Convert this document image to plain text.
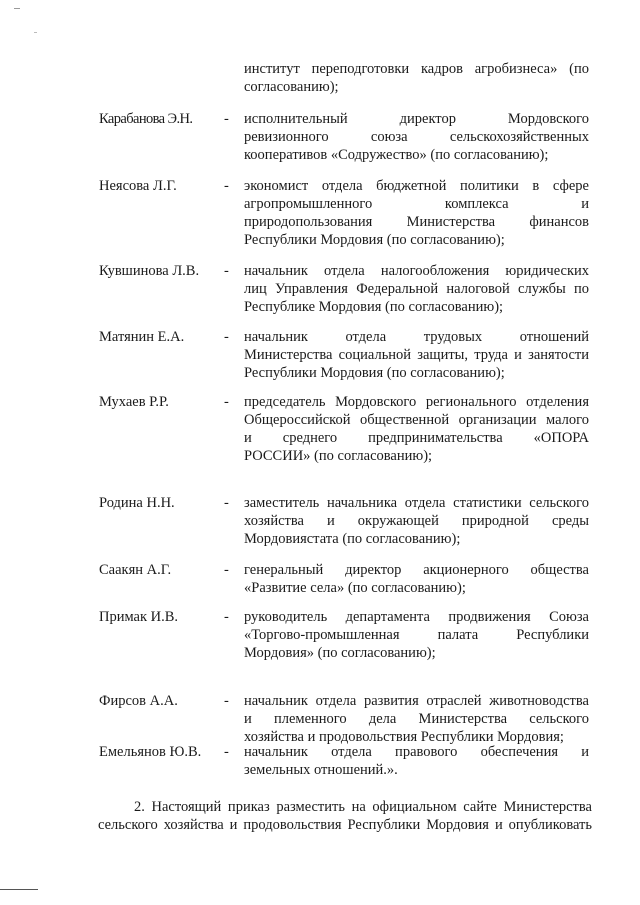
институт переподготовки кадров агробизнеса» (по
согласованию);
Карабанова Э.Н. - исполнительный директор Мордовского
ревизионного союза сельскохозяйственных
кооперативов «Содружество» (по согласованию);
Неясова Л.Г.	- экономист отдела бюджетной политики в сфере
агропромышленного комплекса и
природопользования Министерства финансов
Республики Мордовия (по согласованию);
Кувшинова Л.В. - начальник отдела налогообложения юридических
лиц Управления Федеральной налоговой службы по
Республике Мордовия (по согласованию);
Матянин Е.А.	- начальник отдела трудовых отношений
Министерства социальной защиты, труда и занятости
Республики Мордовия (по согласованию);
Мухаев Р.Р.	- председатель Мордовского регионального отделения
Общероссийской общественной организации малого
и среднего предпринимательства «ОПОРА
РОССИИ» (по согласованию);
Родина Н.Н.	- заместитель начальника отдела статистики сельского
хозяйства и окружающей природной среды
Мордовиястата (по согласованию);
Саакян А.Г.	- генеральный директор акционерного общества
«Развитие села» (по согласованию);
Примак И.В.	- руководитель департамента продвижения Союза
«Торгово-промышленная палата Республики
Мордовия» (по согласованию);
Фирсов А.А.	- начальник отдела развития отраслей животноводства
и племенного дела Министерства сельского
хозяйства и продовольствия Республики Мордовия;
Емельянов Ю.В. - начальник отдела правового обеспечения и
земельных отношений.».
2. Настоящий приказ разместить на официальном сайте Министерства
сельского хозяйства и продовольствия Республики Мордовия и опубликовать
